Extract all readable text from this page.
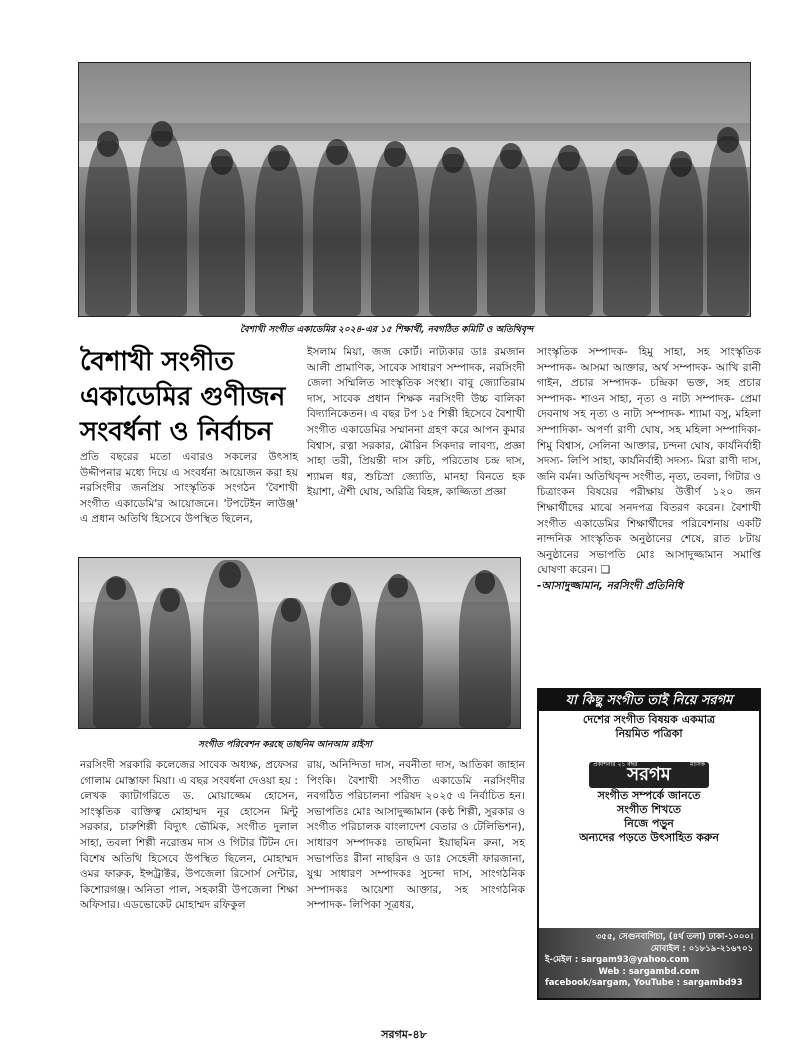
বৈশাখী সংগীত একাডেমির ২০২৪-এর ১৫ শিক্ষার্থী, নবগঠিত কমিটি ও অতিথিবৃন্দ
বৈশাখী সংগীত
একাডেমির গুণীজন
সংবর্ধনা ও নির্বাচন

প্রতি বছরের মতো এবারও সকলের উৎসাহ উদ্দীপনার মধ্যে দিয়ে এ সংবর্ধনা আয়োজন করা হয় নরসিংদীর জনপ্রিয় সাংস্কৃতিক সংগঠন 'বৈশাখী সংগীত একাডেমি'র আয়োজনে। 'টপটেইন লাউঞ্জ' এ প্রধান অতিথি হিসেবে উপস্থিত ছিলেন,

ইসলাম মিয়া, জজ কোর্ট। নাট্যকার ডাঃ রমজান আলী প্রামাণিক, সাবেক সাধারণ সম্পাদক, নরসিংদী জেলা সম্মিলিত সাংস্কৃতিক সংস্থা। বাবু জ্যোতিরাম দাস, সাবেক প্রধান শিক্ষক নরসিংদী উচ্চ বালিকা বিদ্যানিকেতন। এ বছর টপ ১৫ শিল্পী হিসেবে বৈশাখী সংগীত একাডেমির সম্মাননা গ্রহণ করে আপন কুমার বিশ্বাস, রত্না সরকার, মৌরিন সিকদার লাবণ্য, প্রজ্ঞা সাহা তরী, প্রিয়ন্তী দাস রুচি, পরিতোষ চন্দ্র দাস, শ্যামল ধর, শুচিস্রা জ্যোতি, মানহা বিনতে হক ইয়াশা, ঐশী ঘোষ, অরিত্রি বিহঙ্গ, কাজ্জিতা প্রজ্ঞা

সংগীত পরিবেশন করছে তাছনিম আনআম রাইসা

নরসিংদী সরকারি কলেজের সাবেক অধ্যক্ষ, প্রফেসর গোলাম মোস্তাফা মিয়া। এ বছর সংবর্ধনা দেওয়া হয় : লেখক ক্যাটাগরিতে ড. মোয়াজ্জেম হোসেন, সাংস্কৃতিক ব্যক্তিত্ব মোহাম্মদ নূর হোসেন মিন্টু সরকার, চারুশিল্পী বিদ্যুৎ ভৌমিক, সংগীত দুলাল সাহা, তবলা শিল্পী নরোত্তম দাস ও গিটার টিটন দে। বিশেষ অতিথি হিসেবে উপস্থিত ছিলেন, মোহাম্মদ ওমর ফারুক, ইন্সট্রাক্টর, উপজেলা রিসোর্স সেন্টার, কিশোরগঞ্জ। অনিতা পাল, সহকারী উপজেলা শিক্ষা অফিসার। এডভোকেট মোহাম্মদ রফিকুল

রায়, অনিন্দিতা দাস, নবনীতা দাস, আতিকা জাহান পিংকি। বৈশাখী সংগীত একাডেমি নরসিংদীর নবগঠিত পরিচালনা পরিষদ ২০২৫ এ নির্বাচিত হন। সভাপতিঃ মোঃ আসাদুজ্জামান (কণ্ঠ শিল্পী, সুরকার ও সংগীত পরিচালক বাংলাদেশ বেতার ও টেলিভিশন), সাধারণ সম্পাদকঃ তাছমিনা ইয়াছমিন রুনা, সহ সভাপতিঃ রীনা নাছরিন ও ডাঃ সেহেলী ফারজানা, যুগ্ম সাধারণ সম্পাদকঃ সুচন্দা দাস, সাংগঠনিক সম্পাদকঃ আয়েশা আক্তার, সহ সাংগঠনিক সম্পাদক- লিপিকা সূত্রধর,

সাংস্কৃতিক সম্পাদক- হিমু সাহা, সহ সাংস্কৃতিক সম্পাদক- আসমা আক্তার, অর্থ সম্পাদক- আখি রানী গাইন, প্রচার সম্পাদক- চন্দ্রিকা ভক্ত, সহ প্রচার সম্পাদক- শাওন সাহা, নৃত্য ও নাট্য সম্পাদক- প্রেমা দেবনাথ সহ নৃত্য ও নাট্য সম্পাদক- শ্যামা বসু, মহিলা সম্পাদিকা- অপর্ণা রাণী ঘোষ, সহ মহিলা সম্পাদিকা- শিমু বিশ্বাস, সেলিনা আক্তার, চন্দনা ঘোষ, কার্যনির্বাহী সদস্য- লিপি সাহা, কার্যনির্বাহী সদস্য- মিরা রাণী দাস, জনি বর্মন। অতিথিবৃন্দ সংগীত, নৃত্য, তবলা, গিটার ও চিত্রাংকন বিষয়ের পরীক্ষায় উত্তীর্ণ ১২০ জন শিক্ষার্থীদের মাঝে সনদপত্র বিতরণ করেন। বৈশাখী সংগীত একাডেমির শিক্ষার্থীদের পরিবেশনায় একটি নান্দনিক সাংস্কৃতিক অনুষ্ঠানের শেষে, রাত ৮টায় অনুষ্ঠানের সভাপতি মোঃ আসাদুজ্জামান সমাপ্তি ঘোষণা করেন। ❑

-আসাদুজ্জামান, নরসিংদী প্রতিনিধি

যা কিছু সংগীত তাই নিয়ে সরগম
দেশের সংগীত বিষয়ক একমাত্র
নিয়মিত পত্রিকা
প্রকাশনার ২১ বছর	মাসিক
সরগম
সংগীত সম্পর্কে জানতে
সংগীত শিখতে
নিজে পড়ুন
অন্যদের পড়তে উৎসাহিত করুন
৩৫৫, সেগুনবাগিচা, (৪র্থ তলা) ঢাকা-১০০০।
মোবাইল : ০১৮১৯-২১৬৭০১
ই-মেইল : sargam93@yahoo.com
Web : sargambd.com
facebook/sargam, YouTube : sargambd93
সরগম-৪৮
